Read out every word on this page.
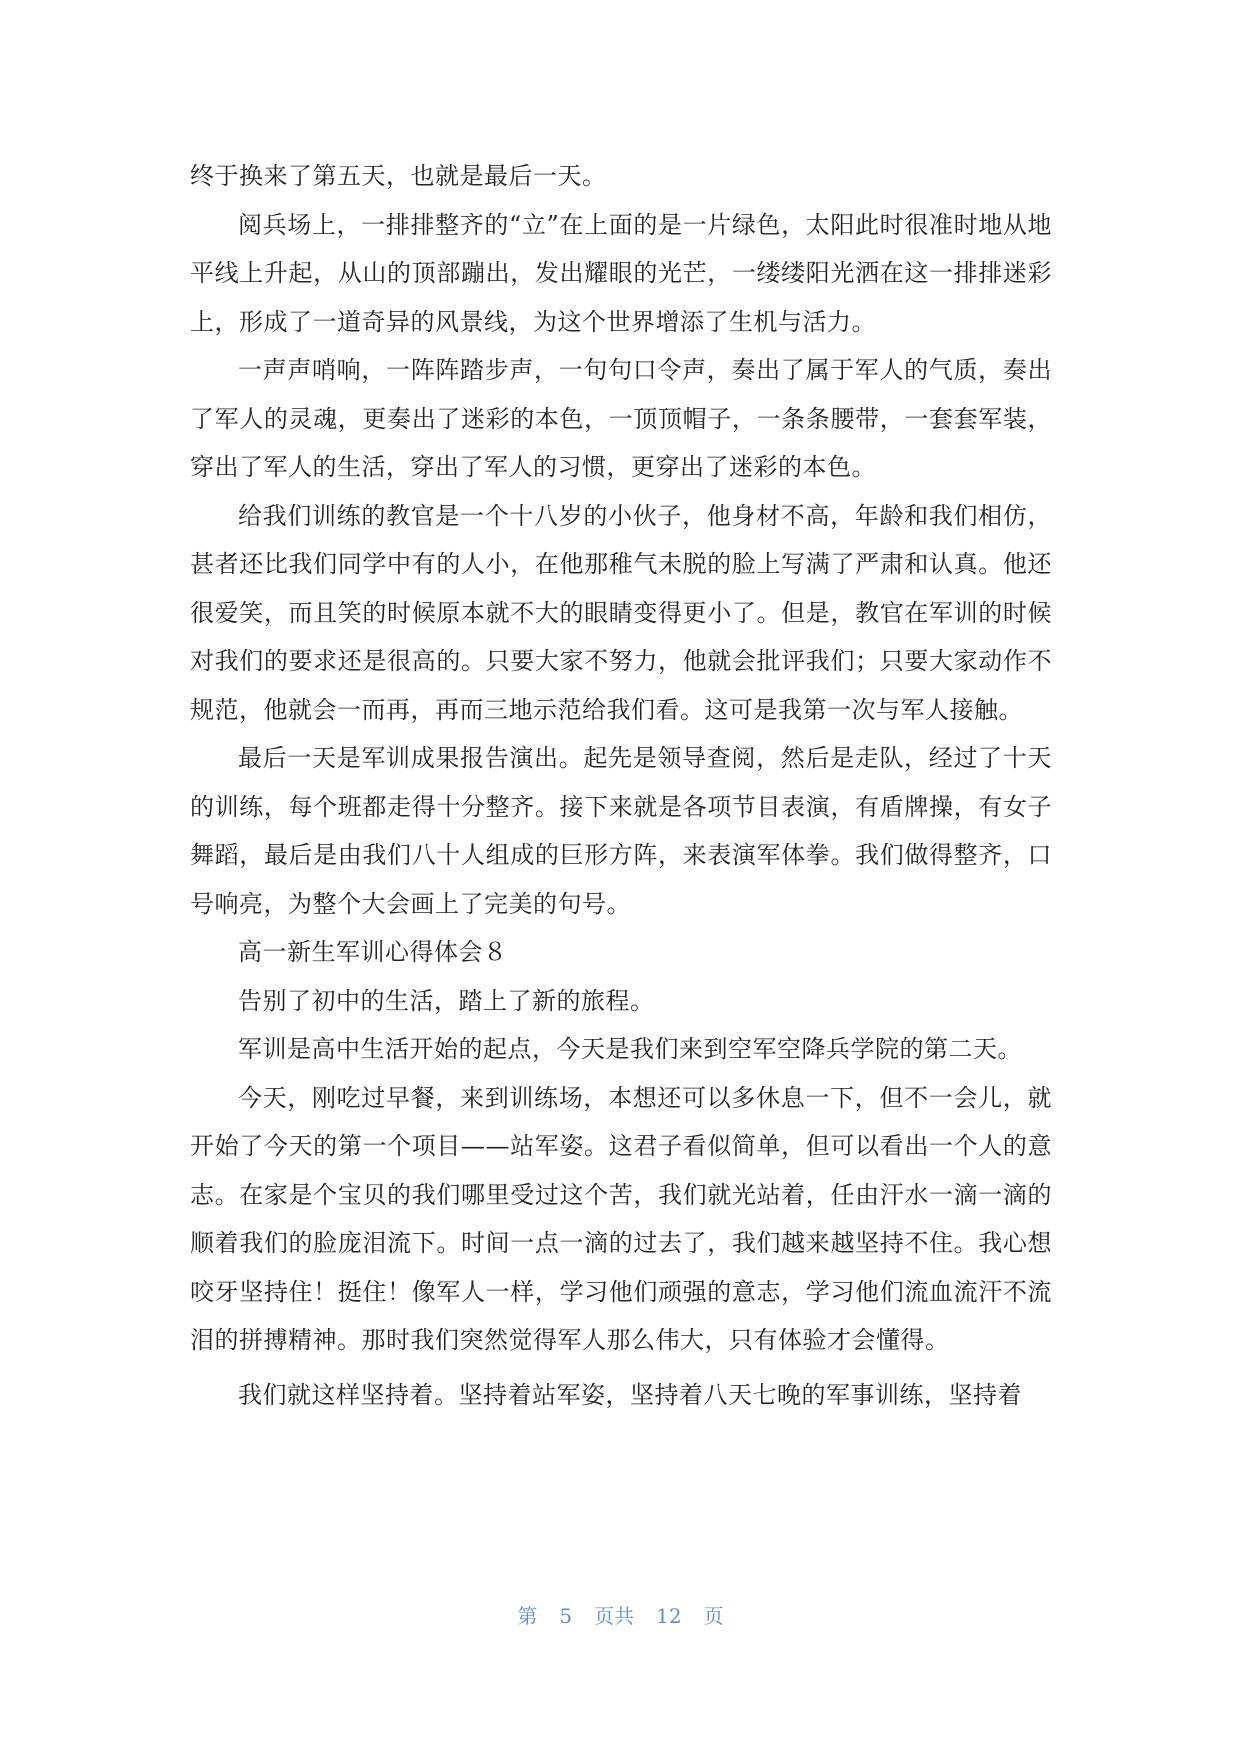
终于换来了第五天，也就是最后一天。

阅兵场上，一排排整齐的“立”在上面的是一片绿色，太阳此时很准时地从地平线上升起，从山的顶部蹦出，发出耀眼的光芒，一缕缕阳光洒在这一排排迷彩上，形成了一道奇异的风景线，为这个世界增添了生机与活力。

一声声哨响，一阵阵踏步声，一句句口令声，奏出了属于军人的气质，奏出了军人的灵魂，更奏出了迷彩的本色，一顶顶帽子，一条条腰带，一套套军装，穿出了军人的生活，穿出了军人的习惯，更穿出了迷彩的本色。

给我们训练的教官是一个十八岁的小伙子，他身材不高，年龄和我们相仿，甚者还比我们同学中有的人小，在他那稚气未脱的脸上写满了严肃和认真。他还很爱笑，而且笑的时候原本就不大的眼睛变得更小了。但是，教官在军训的时候对我们的要求还是很高的。只要大家不努力，他就会批评我们；只要大家动作不规范，他就会一而再，再而三地示范给我们看。这可是我第一次与军人接触。

最后一天是军训成果报告演出。起先是领导查阅，然后是走队，经过了十天的训练，每个班都走得十分整齐。接下来就是各项节目表演，有盾牌操，有女子舞蹈，最后是由我们八十人组成的巨形方阵，来表演军体拳。我们做得整齐，口号响亮，为整个大会画上了完美的句号。

高一新生军训心得体会８

告别了初中的生活，踏上了新的旅程。

军训是高中生活开始的起点，今天是我们来到空军空降兵学院的第二天。

今天，刚吃过早餐，来到训练场，本想还可以多休息一下，但不一会儿，就开始了今天的第一个项目——站军姿。这君子看似简单，但可以看出一个人的意志。在家是个宝贝的我们哪里受过这个苦，我们就光站着，任由汗水一滴一滴的顺着我们的脸庞泪流下。时间一点一滴的过去了，我们越来越坚持不住。我心想咬牙坚持住！挺住！像军人一样，学习他们顽强的意志，学习他们流血流汗不流泪的拼搏精神。那时我们突然觉得军人那么伟大，只有体验才会懂得。

我们就这样坚持着。坚持着站军姿，坚持着八天七晚的军事训练，坚持着

第 5 页共 12 页
